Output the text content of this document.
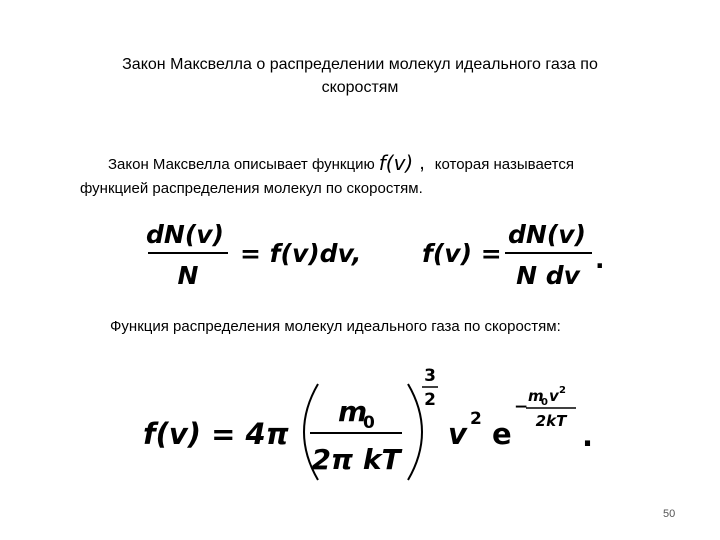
Закон Максвелла о распределении молекул идеального газа по
скоростям
Закон Максвелла описывает функцию f(v) , которая называется
функцией распределения молекул по скоростям.
dN(v)
N
= f(v)dv, f(v) =
dN(v)
N dv
.
f(v) = 4π
m
0
2π kT
3
2
v 2 e
−
m
0 v 2
2kT .
Функция распределения молекул идеального газа по скоростям:
50
